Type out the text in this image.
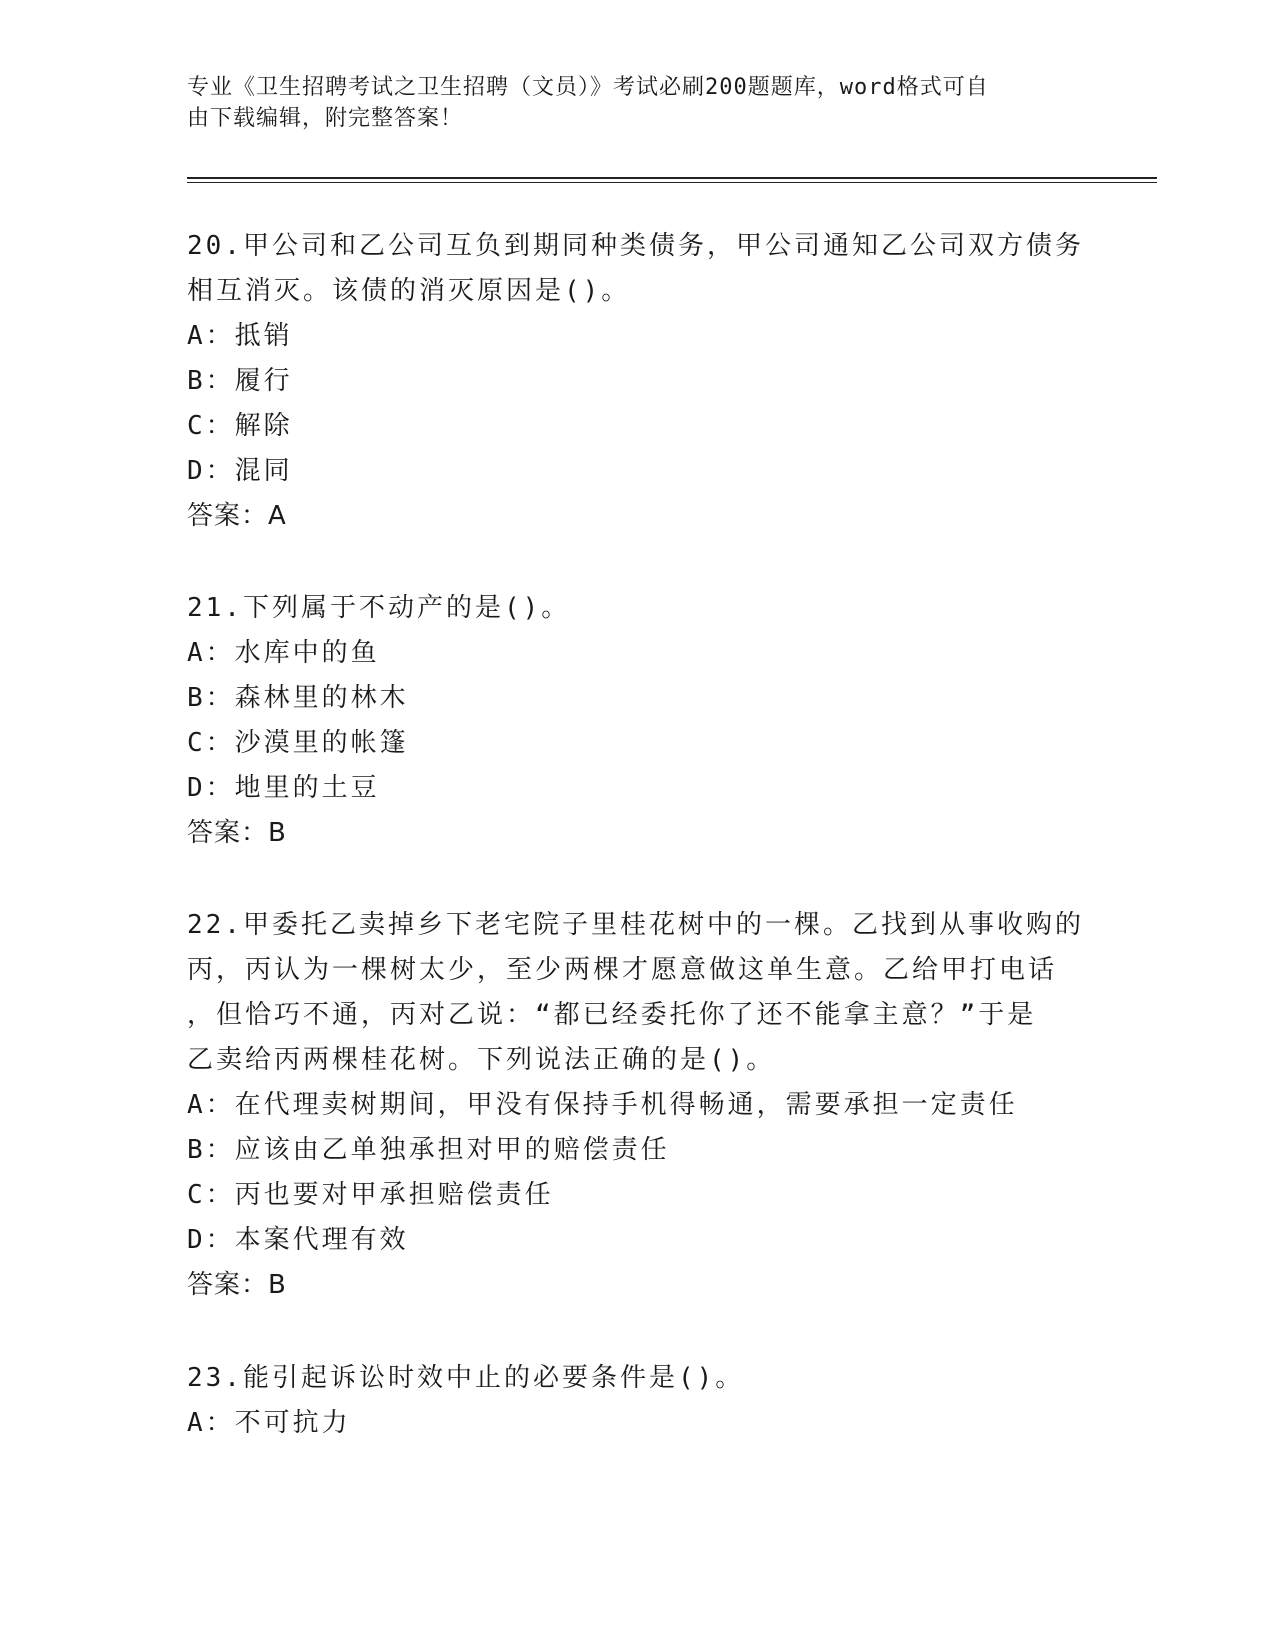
专业《卫生招聘考试之卫生招聘（文员）》考试必刷200题题库，word格式可自
由下载编辑，附完整答案！
20.甲公司和乙公司互负到期同种类债务，甲公司通知乙公司双方债务
相互消灭。该债的消灭原因是()。
A：抵销
B：履行
C：解除
D：混同
答案：A
21.下列属于不动产的是()。
A：水库中的鱼
B：森林里的林木
C：沙漠里的帐篷
D：地里的土豆
答案：B
22.甲委托乙卖掉乡下老宅院子里桂花树中的一棵。乙找到从事收购的
丙，丙认为一棵树太少，至少两棵才愿意做这单生意。乙给甲打电话
，但恰巧不通，丙对乙说：“都已经委托你了还不能拿主意？”于是
乙卖给丙两棵桂花树。下列说法正确的是()。
A：在代理卖树期间，甲没有保持手机得畅通，需要承担一定责任
B：应该由乙单独承担对甲的赔偿责任
C：丙也要对甲承担赔偿责任
D：本案代理有效
答案：B
23.能引起诉讼时效中止的必要条件是()。
A：不可抗力
